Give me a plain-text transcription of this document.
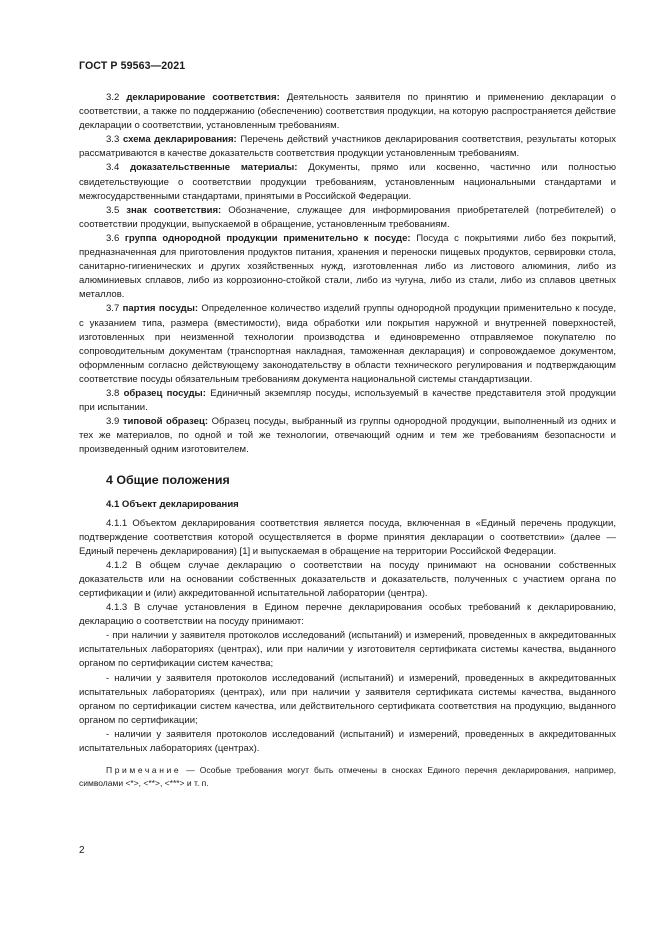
ГОСТ Р 59563—2021

3.2 декларирование соответствия: Деятельность заявителя по принятию и применению декларации о соответствии, а также по поддержанию (обеспечению) соответствия продукции, на которую распространяется действие декларации о соответствии, установленным требованиям.

3.3 схема декларирования: Перечень действий участников декларирования соответствия, результаты которых рассматриваются в качестве доказательств соответствия продукции установленным требованиям.

3.4 доказательственные материалы: Документы, прямо или косвенно, частично или полностью свидетельствующие о соответствии продукции требованиям, установленным национальными стандартами и межгосударственными стандартами, принятыми в Российской Федерации.

3.5 знак соответствия: Обозначение, служащее для информирования приобретателей (потребителей) о соответствии продукции, выпускаемой в обращение, установленным требованиям.

3.6 группа однородной продукции применительно к посуде: Посуда с покрытиями либо без покрытий, предназначенная для приготовления продуктов питания, хранения и переноски пищевых продуктов, сервировки стола, санитарно-гигиенических и других хозяйственных нужд, изготовленная либо из листового алюминия, либо из алюминиевых сплавов, либо из коррозионно-стойкой стали, либо из чугуна, либо из стали, либо из сплавов цветных металлов.

3.7 партия посуды: Определенное количество изделий группы однородной продукции применительно к посуде, с указанием типа, размера (вместимости), вида обработки или покрытия наружной и внутренней поверхностей, изготовленных при неизменной технологии производства и единовременно отправляемое покупателю по сопроводительным документам (транспортная накладная, таможенная декларация) и сопровождаемое документом, оформленным согласно действующему законодательству в области технического регулирования и подтверждающим соответствие посуды обязательным требованиям документа национальной системы стандартизации.

3.8 образец посуды: Единичный экземпляр посуды, используемый в качестве представителя этой продукции при испытании.

3.9 типовой образец: Образец посуды, выбранный из группы однородной продукции, выполненный из одних и тех же материалов, по одной и той же технологии, отвечающий одним и тем же требованиям безопасности и произведенный одним изготовителем.

4 Общие положения

4.1 Объект декларирования

4.1.1 Объектом декларирования соответствия является посуда, включенная в «Единый перечень продукции, подтверждение соответствия которой осуществляется в форме принятия декларации о соответствии» (далее — Единый перечень декларирования) [1] и выпускаемая в обращение на территории Российской Федерации.

4.1.2 В общем случае декларацию о соответствии на посуду принимают на основании собственных доказательств или на основании собственных доказательств и доказательств, полученных с участием органа по сертификации и (или) аккредитованной испытательной лаборатории (центра).

4.1.3 В случае установления в Едином перечне декларирования особых требований к декларированию, декларацию о соответствии на посуду принимают:

- при наличии у заявителя протоколов исследований (испытаний) и измерений, проведенных в аккредитованных испытательных лабораториях (центрах), или при наличии у изготовителя сертификата системы качества, выданного органом по сертификации систем качества;

- наличии у заявителя протоколов исследований (испытаний) и измерений, проведенных в аккредитованных испытательных лабораториях (центрах), или при наличии у заявителя сертификата системы качества, выданного органом по сертификации систем качества, или действительного сертификата соответствия на продукцию, выданного органом по сертификации;

- наличии у заявителя протоколов исследований (испытаний) и измерений, проведенных в аккредитованных испытательных лабораториях (центрах).

Примечание — Особые требования могут быть отмечены в сносках Единого перечня декларирования, например, символами <*>, <**>, <***> и т. п.

2
